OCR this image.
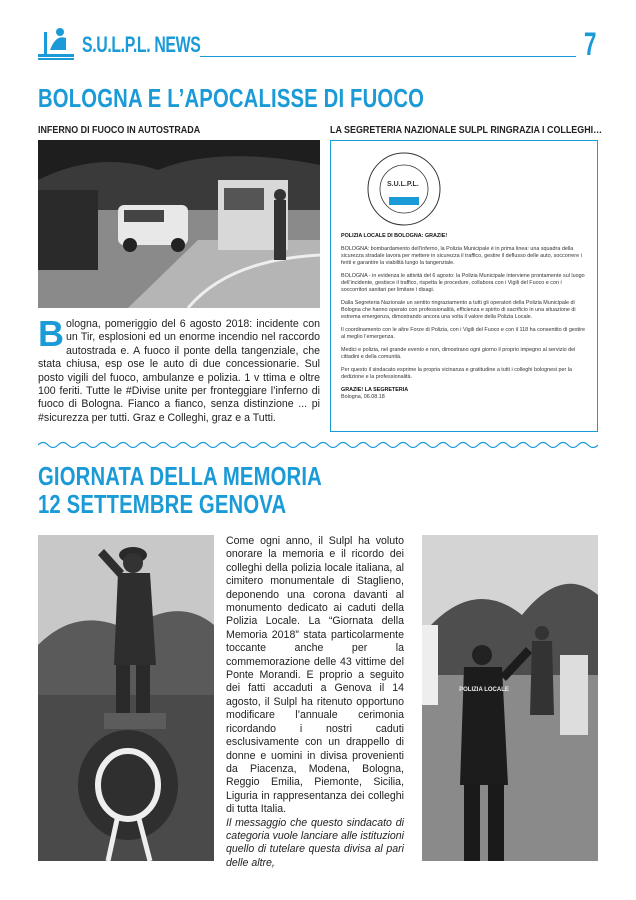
S.U.L.P.L. NEWS	7
BOLOGNA E L’APOCALISSE DI FUOCO
INFERNO DI FUOCO IN AUTOSTRADA	LA SEGRETERIA NAZIONALE SULPL RINGRAZIA I COLLEGHI…
Bologna, pomeriggio del 6 agosto 2018: incidente con un Tir, esplosioni ed un enorme incendio nel raccordo autostrada e. A fuoco il ponte della tangenziale, che stata chiusa, esp ose le auto di due concessionarie. Sul posto vigili del fuoco, ambulanze e polizia. 1 v ttima e oltre 100 feriti. Tutte le #Divise unite per fronteggiare l’inferno di fuoco di Bologna. Fianco a fianco, senza distinzione ... pi #sicurezza per tutti. Graz e Colleghi, graz e a Tutti.
S.U.L.P.L.
POLIZIA LOCALE DI BOLOGNA: GRAZIE!
BOLOGNA: bombardamento dell’inferno, la Polizia Municipale è in prima linea: una squadra della sicurezza stradale lavora per mettere in sicurezza il traffico, gestire il deflusso delle auto, soccorrere i feriti e garantire la viabilità lungo la tangenziale.
BOLOGNA - in evidenza le attività del 6 agosto: la Polizia Municipale interviene prontamente sul luogo dell’incidente, gestisce il traffico, rispetta le procedure, collabora con i Vigili del Fuoco e con i soccorritori sanitari per limitare i disagi.
Dalla Segreteria Nazionale un sentito ringraziamento a tutti gli operatori della Polizia Municipale di Bologna che hanno operato con professionalità, efficienza e spirito di sacrificio in una situazione di estrema emergenza, dimostrando ancora una volta il valore della Polizia Locale.
Il coordinamento con le altre Forze di Polizia, con i Vigili del Fuoco e con il 118 ha consentito di gestire al meglio l’emergenza.
Medici e polizia, nel grande evento e non, dimostrano ogni giorno il proprio impegno al servizio dei cittadini e della comunità.
Per questo il sindacato esprime la propria vicinanza e gratitudine a tutti i colleghi bolognesi per la dedizione e la professionalità.
GRAZIE! LA SEGRETERIA
Bologna, 06.08.18
GIORNATA DELLA MEMORIA
12 SETTEMBRE GENOVA
Come ogni anno, il Sulpl ha voluto onorare la memoria e il ricordo dei colleghi della polizia locale italiana, al cimitero monumentale di Staglieno, deponendo una corona davanti al monumento dedicato ai caduti della Polizia Locale. La “Giornata della Memoria 2018” stata particolarmente toccante anche per la commemorazione delle 43 vittime del Ponte Morandi. E proprio a seguito dei fatti accaduti a Genova il 14 agosto, il Sulpl ha ritenuto opportuno modificare l’annuale cerimonia ricordando i nostri caduti esclusivamente con un drappello di donne e uomini in divisa provenienti da Piacenza, Modena, Bologna, Reggio Emilia, Piemonte, Sicilia, Liguria in rappresentanza dei colleghi di tutta Italia.
Il messaggio che questo sindacato di categoria vuole lanciare alle istituzioni quello di tutelare questa divisa al pari delle altre,
POLIZIA LOCALE
